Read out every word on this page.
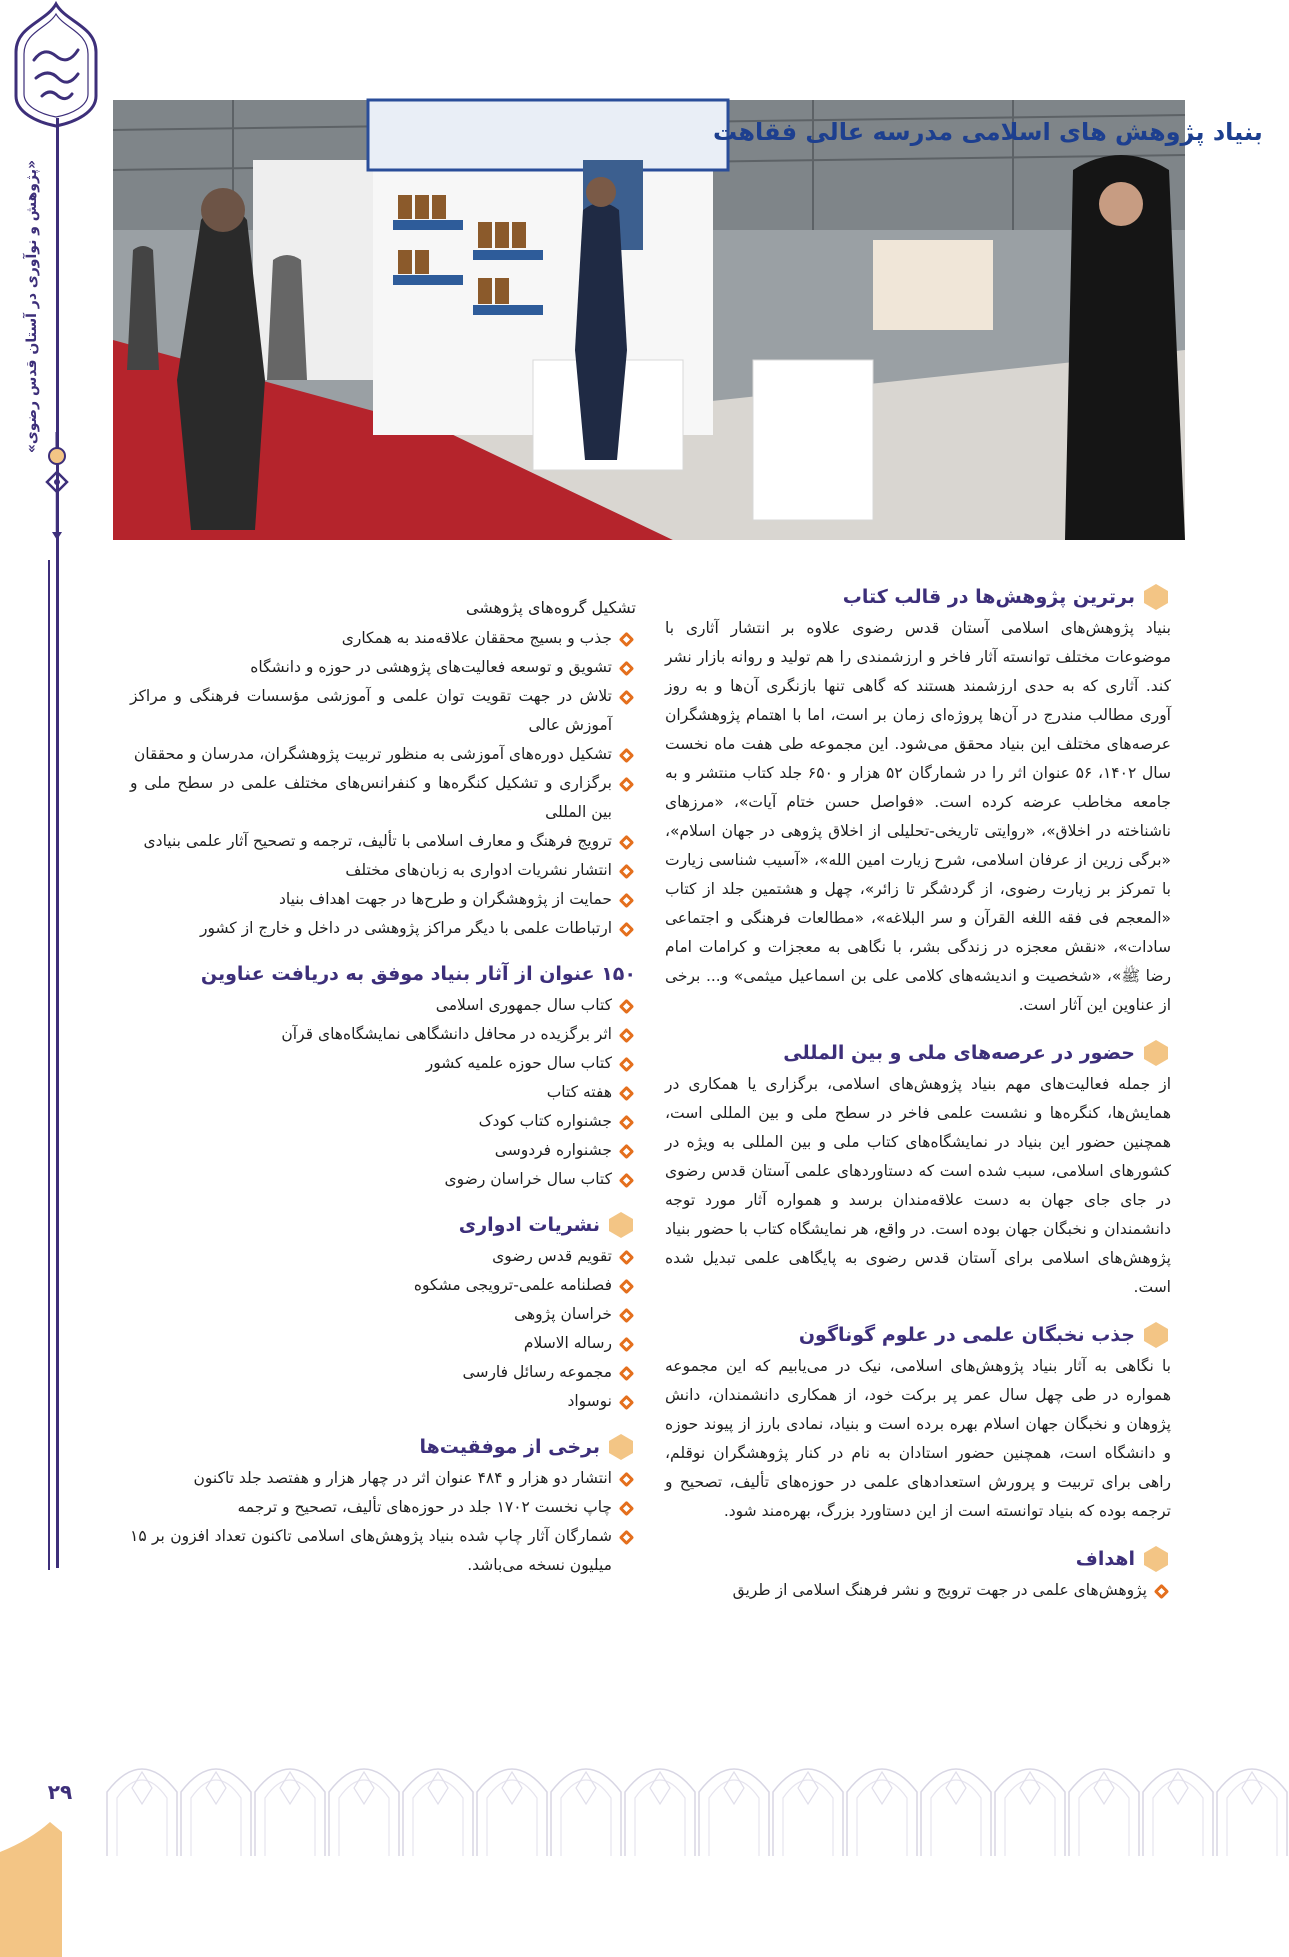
«پژوهش و نوآوری در آستان قدس رضوی»
۲۹
بنیاد پژوهش های اسلامی مدرسه عالی فقاهت
برترین پژوهش‌ها در قالب کتاب

بنیاد پژوهش‌های اسلامی آستان قدس رضوی علاوه بر انتشار آثاری با موضوعات مختلف توانسته آثار فاخر و ارزشمندی را هم تولید و روانه بازار نشر کند. آثاری که به حدی ارزشمند هستند که گاهی تنها بازنگری آن‌ها و به روز آوری مطالب مندرج در آن‌ها پروژه‌ای زمان بر است، اما با اهتمام پژوهشگران عرصه‌های مختلف این بنیاد محقق می‌شود. این مجموعه طی هفت ماه نخست سال ۱۴۰۲، ۵۶ عنوان اثر را در شمارگان ۵۲ هزار و ۶۵۰ جلد کتاب منتشر و به جامعه مخاطب عرضه کرده است. «فواصل حسن ختام آیات»، «مرزهای ناشناخته در اخلاق»، «روایتی تاریخی-تحلیلی از اخلاق پژوهی در جهان اسلام»، «برگی زرین از عرفان اسلامی، شرح زیارت امین الله»، «آسیب شناسی زیارت با تمرکز بر زیارت رضوی، از گردشگر تا زائر»، چهل و هشتمین جلد از کتاب «المعجم فی فقه اللغه القرآن و سر البلاغه»، «مطالعات فرهنگی و اجتماعی سادات»، «نقش معجزه در زندگی بشر، با نگاهی به معجزات و کرامات امام رضا ﷺ»، «شخصیت و اندیشه‌های کلامی علی بن اسماعیل میثمی» و... برخی از عناوین این آثار است.

حضور در عرصه‌های ملی و بین المللی

از جمله فعالیت‌های مهم بنیاد پژوهش‌های اسلامی، برگزاری یا همکاری در همایش‌ها، کنگره‌ها و نشست علمی فاخر در سطح ملی و بین المللی است، همچنین حضور این بنیاد در نمایشگاه‌های کتاب ملی و بین المللی به ویژه در کشورهای اسلامی، سبب شده است که دستاوردهای علمی آستان قدس رضوی در جای جای جهان به دست علاقه‌مندان برسد و همواره آثار مورد توجه دانشمندان و نخبگان جهان بوده است. در واقع، هر نمایشگاه کتاب با حضور بنیاد پژوهش‌های اسلامی برای آستان قدس رضوی به پایگاهی علمی تبدیل شده است.

جذب نخبگان علمی در علوم گوناگون

با نگاهی به آثار بنیاد پژوهش‌های اسلامی، نیک در می‌یابیم که این مجموعه همواره در طی چهل سال عمر پر برکت خود، از همکاری دانشمندان، دانش پژوهان و نخبگان جهان اسلام بهره برده است و بنیاد، نمادی بارز از پیوند حوزه و دانشگاه است، همچنین حضور استادان به نام در کنار پژوهشگران نوقلم، راهی برای تربیت و پرورش استعدادهای علمی در حوزه‌های تألیف، تصحیح و ترجمه بوده که بنیاد توانسته است از این دستاورد بزرگ، بهره‌مند شود.

اهداف
پژوهش‌های علمی در جهت ترویج و نشر فرهنگ اسلامی از طریق
تشکیل گروه‌های پژوهشی
جذب و بسیج محققان علاقه‌مند به همکاری
تشویق و توسعه فعالیت‌های پژوهشی در حوزه و دانشگاه
تلاش در جهت تقویت توان علمی و آموزشی مؤسسات فرهنگی و مراکز آموزش عالی
تشکیل دوره‌های آموزشی به منظور تربیت پژوهشگران، مدرسان و محققان
برگزاری و تشکیل کنگره‌ها و کنفرانس‌های مختلف علمی در سطح ملی و بین المللی
ترویج فرهنگ و معارف اسلامی با تألیف، ترجمه و تصحیح آثار علمی بنیادی
انتشار نشریات ادواری به زبان‌های مختلف
حمایت از پژوهشگران و طرح‌ها در جهت اهداف بنیاد
ارتباطات علمی با دیگر مراکز پژوهشی در داخل و خارج از کشور
۱۵۰ عنوان از آثار بنیاد موفق به دریافت عناوین
کتاب سال جمهوری اسلامی
اثر برگزیده در محافل دانشگاهی نمایشگاه‌های قرآن
کتاب سال حوزه علمیه کشور
هفته کتاب
جشنواره کتاب کودک
جشنواره فردوسی
کتاب سال خراسان رضوی
نشریات ادواری
تقویم قدس رضوی
فصلنامه علمی-ترویجی مشکوه
خراسان پژوهی
رساله الاسلام
مجموعه رسائل فارسی
نوسواد
برخی از موفقیت‌ها
انتشار دو هزار و ۴۸۴ عنوان اثر در چهار هزار و هفتصد جلد تاکنون
چاپ نخست ۱۷۰۲ جلد در حوزه‌های تألیف، تصحیح و ترجمه
شمارگان آثار چاپ شده بنیاد پژوهش‌های اسلامی تاکنون تعداد افزون بر ۱۵ میلیون نسخه می‌باشد.
